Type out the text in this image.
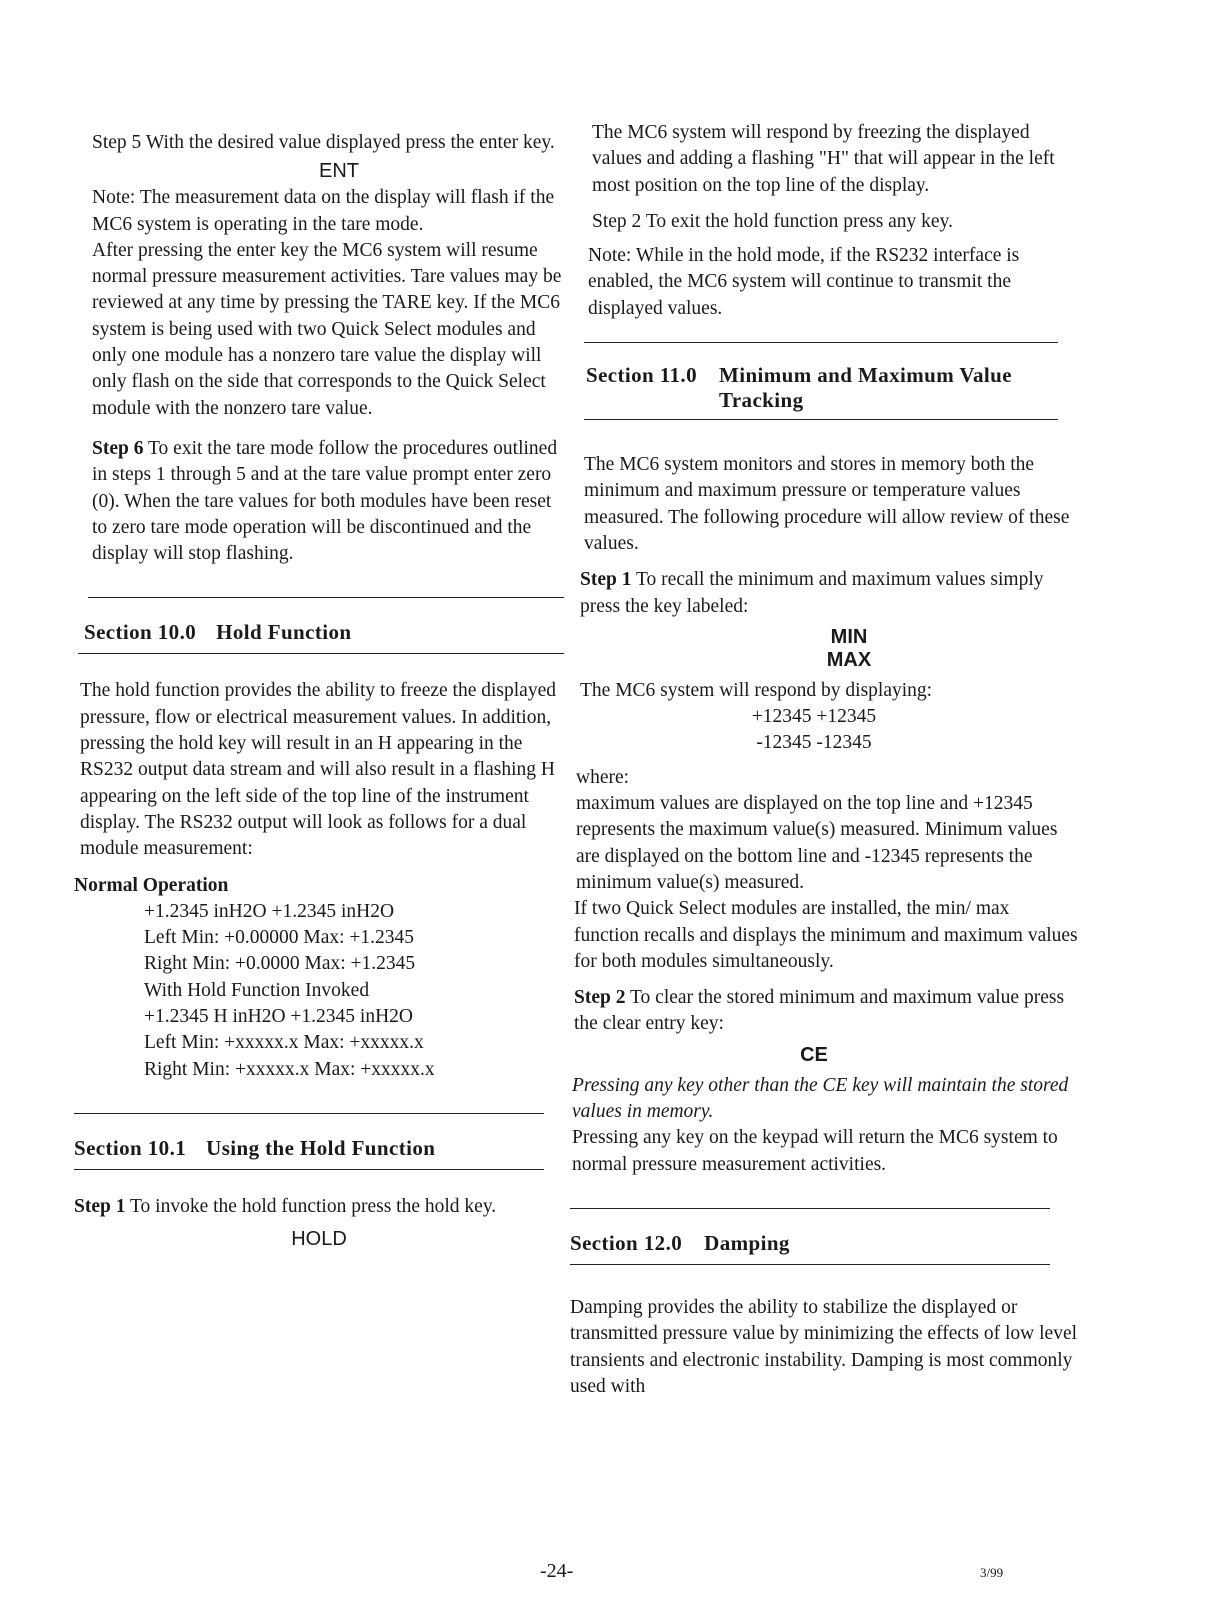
Step 5 With the desired value displayed press the enter key.

ENT

Note: The measurement data on the display will flash if the MC6 system is operating in the tare mode.

After pressing the enter key the MC6 system will resume normal pressure measurement activities. Tare values may be reviewed at any time by pressing the TARE key. If the MC6 system is being used with two Quick Select modules and only one module has a nonzero tare value the display will only flash on the side that corresponds to the Quick Select module with the nonzero tare value.

Step 6 To exit the tare mode follow the procedures outlined in steps 1 through 5 and at the tare value prompt enter zero (0). When the tare values for both modules have been reset to zero tare mode operation will be discontinued and the display will stop flashing.

Section 10.0 Hold Function

The hold function provides the ability to freeze the displayed pressure, flow or electrical measurement values. In addition, pressing the hold key will result in an H appearing in the RS232 output data stream and will also result in a flashing H appearing on the left side of the top line of the instrument display. The RS232 output will look as follows for a dual module measurement:

Normal Operation

+1.2345 inH2O +1.2345 inH2O
Left Min: +0.00000 Max: +1.2345
Right Min: +0.0000 Max: +1.2345
With Hold Function Invoked
+1.2345 H inH2O +1.2345 inH2O
Left Min: +xxxxx.x Max: +xxxxx.x
Right Min: +xxxxx.x Max: +xxxxx.x
Section 10.1 Using the Hold Function

Step 1 To invoke the hold function press the hold key.

HOLD

The MC6 system will respond by freezing the displayed values and adding a flashing "H" that will appear in the left most position on the top line of the display.

Step 2 To exit the hold function press any key.

Note: While in the hold mode, if the RS232 interface is enabled, the MC6 system will continue to transmit the displayed values.

Section 11.0 Minimum and Maximum Value Tracking

The MC6 system monitors and stores in memory both the minimum and maximum pressure or temperature values measured. The following procedure will allow review of these values.

Step 1 To recall the minimum and maximum values simply press the key labeled:

MIN
MAX

The MC6 system will respond by displaying:

+12345 +12345

-12345 -12345

where:

maximum values are displayed on the top line and +12345 represents the maximum value(s) measured. Minimum values are displayed on the bottom line and -12345 represents the minimum value(s) measured.

If two Quick Select modules are installed, the min/ max function recalls and displays the minimum and maximum values for both modules simultaneously.

Step 2 To clear the stored minimum and maximum value press the clear entry key:

CE

Pressing any key other than the CE key will maintain the stored values in memory.

Pressing any key on the keypad will return the MC6 system to normal pressure measurement activities.

Section 12.0 Damping

Damping provides the ability to stabilize the displayed or transmitted pressure value by minimizing the effects of low level transients and electronic instability. Damping is most commonly used with

-24-	3/99
